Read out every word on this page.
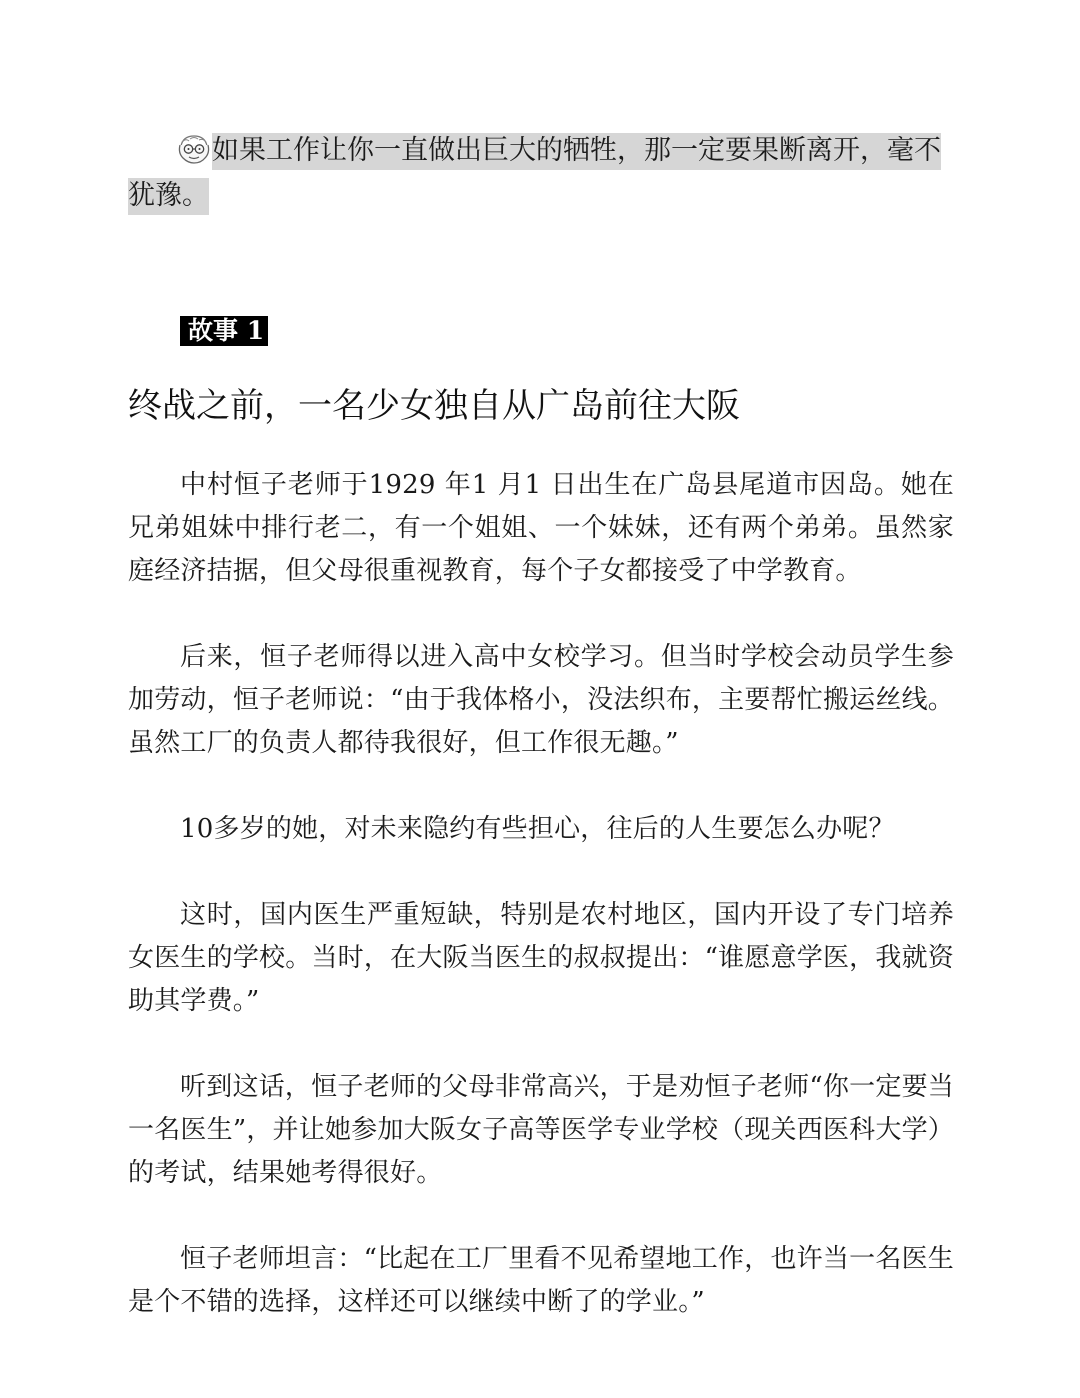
如果工作让你一直做出巨大的牺牲，那一定要果断离开，毫不
犹豫。
故事 1
终战之前，一名少女独自从广岛前往大阪

中村恒子老师于1929 年1 月1 日出生在广岛县尾道市因岛。她在兄弟姐妹中排行老二，有一个姐姐、一个妹妹，还有两个弟弟。虽然家庭经济拮据，但父母很重视教育，每个子女都接受了中学教育。

后来，恒子老师得以进入高中女校学习。但当时学校会动员学生参加劳动，恒子老师说：“由于我体格小，没法织布，主要帮忙搬运丝线。虽然工厂的负责人都待我很好，但工作很无趣。”

10多岁的她，对未来隐约有些担心，往后的人生要怎么办呢？

这时，国内医生严重短缺，特别是农村地区，国内开设了专门培养女医生的学校。当时，在大阪当医生的叔叔提出：“谁愿意学医，我就资助其学费。”

听到这话，恒子老师的父母非常高兴，于是劝恒子老师“你一定要当一名医生”，并让她参加大阪女子高等医学专业学校（现关西医科大学）的考试，结果她考得很好。

恒子老师坦言：“比起在工厂里看不见希望地工作，也许当一名医生是个不错的选择，这样还可以继续中断了的学业。”
